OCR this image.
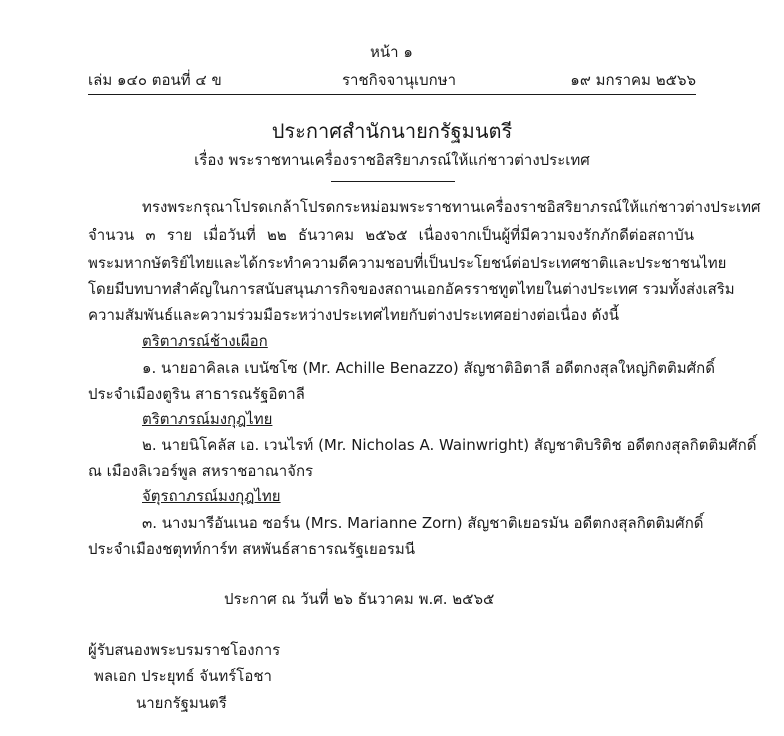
หน้า ๑
เล่ม ๑๔๐ ตอนที่ ๔ ข	ราชกิจจานุเบกษา	๑๙ มกราคม ๒๕๖๖
ประกาศสำนักนายกรัฐมนตรี
เรื่อง พระราชทานเครื่องราชอิสริยาภรณ์ให้แก่ชาวต่างประเทศ
ทรงพระกรุณาโปรดเกล้าโปรดกระหม่อมพระราชทานเครื่องราชอิสริยาภรณ์ให้แก่ชาวต่างประเทศ
จำนวน ๓ ราย เมื่อวันที่ ๒๒ ธันวาคม ๒๕๖๕ เนื่องจากเป็นผู้ที่มีความจงรักภักดีต่อสถาบัน
พระมหากษัตริย์ไทยและได้กระทำความดีความชอบที่เป็นประโยชน์ต่อประเทศชาติและประชาชนไทย
โดยมีบทบาทสำคัญในการสนับสนุนภารกิจของสถานเอกอัครราชทูตไทยในต่างประเทศ รวมทั้งส่งเสริม
ความสัมพันธ์และความร่วมมือระหว่างประเทศไทยกับต่างประเทศอย่างต่อเนื่อง ดังนี้
ตริตาภรณ์ช้างเผือก
๑. นายอาคิลเล เบนัซโซ (Mr. Achille Benazzo) สัญชาติอิตาลี อดีตกงสุลใหญ่กิตติมศักดิ์
ประจำเมืองตูริน สาธารณรัฐอิตาลี
ตริตาภรณ์มงกุฎไทย
๒. นายนิโคลัส เอ. เวนไรท์ (Mr. Nicholas A. Wainwright) สัญชาติบริติช อดีตกงสุลกิตติมศักดิ์
ณ เมืองลิเวอร์พูล สหราชอาณาจักร
จัตุรถาภรณ์มงกุฎไทย
๓. นางมารีอันเนอ ซอร์น (Mrs. Marianne Zorn) สัญชาติเยอรมัน อดีตกงสุลกิตติมศักดิ์
ประจำเมืองชตุทท์การ์ท สหพันธ์สาธารณรัฐเยอรมนี
ประกาศ ณ วันที่ ๒๖ ธันวาคม พ.ศ. ๒๕๖๕
ผู้รับสนองพระบรมราชโองการ
พลเอก ประยุทธ์ จันทร์โอชา
นายกรัฐมนตรี
